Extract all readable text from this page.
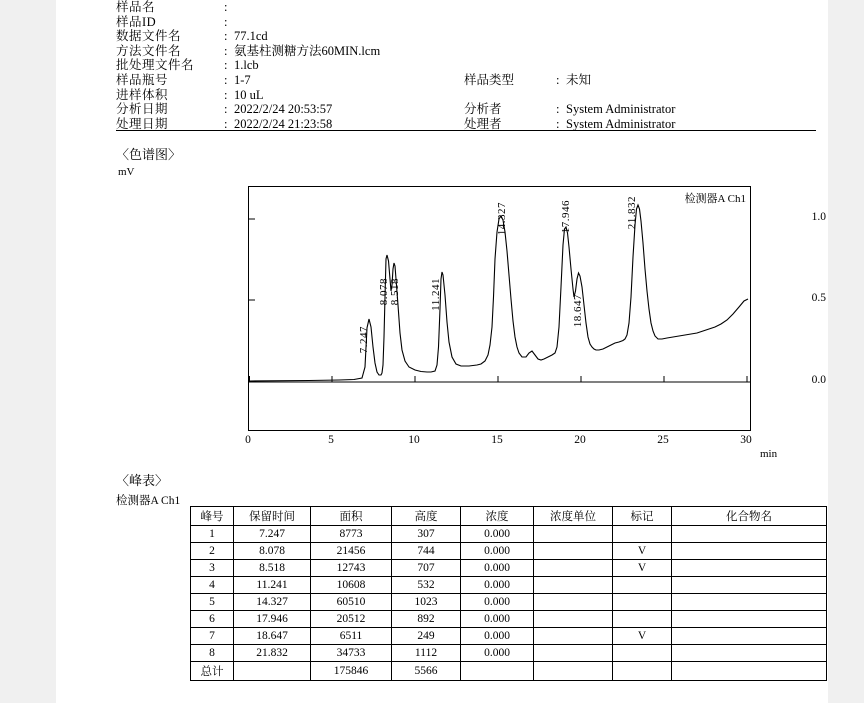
样品名	:
样品ID	:
数据文件名	: 77.1cd
方法文件名	: 氨基柱测糖方法60MIN.lcm
批处理文件名	: 1.lcb
样品瓶号	: 1-7	样品类型	: 未知
进样体积	: 10 uL
分析日期	: 2022/2/24 20:53:57	分析者	: System Administrator
处理日期	: 2022/2/24 21:23:58	处理者	: System Administrator
〈色谱图〉
mV
0.0
0.5
1.0
检测器A Ch1
0	5	10	15	20	25	30
min
7.247
8.078 8.518	11.241
14.327	17.946
18.647
21.832
〈峰表〉
检测器A Ch1
峰号	保留时间	面积	高度	浓度	浓度单位	标记	化合物名
1	7.247	8773	307	0.000			
2	8.078	21456	744	0.000		V	
3	8.518	12743	707	0.000		V	
4	11.241	10608	532	0.000			
5	14.327	60510	1023	0.000			
6	17.946	20512	892	0.000			
7	18.647	6511	249	0.000		V	
8	21.832	34733	1112	0.000			
总计		175846	5566				
